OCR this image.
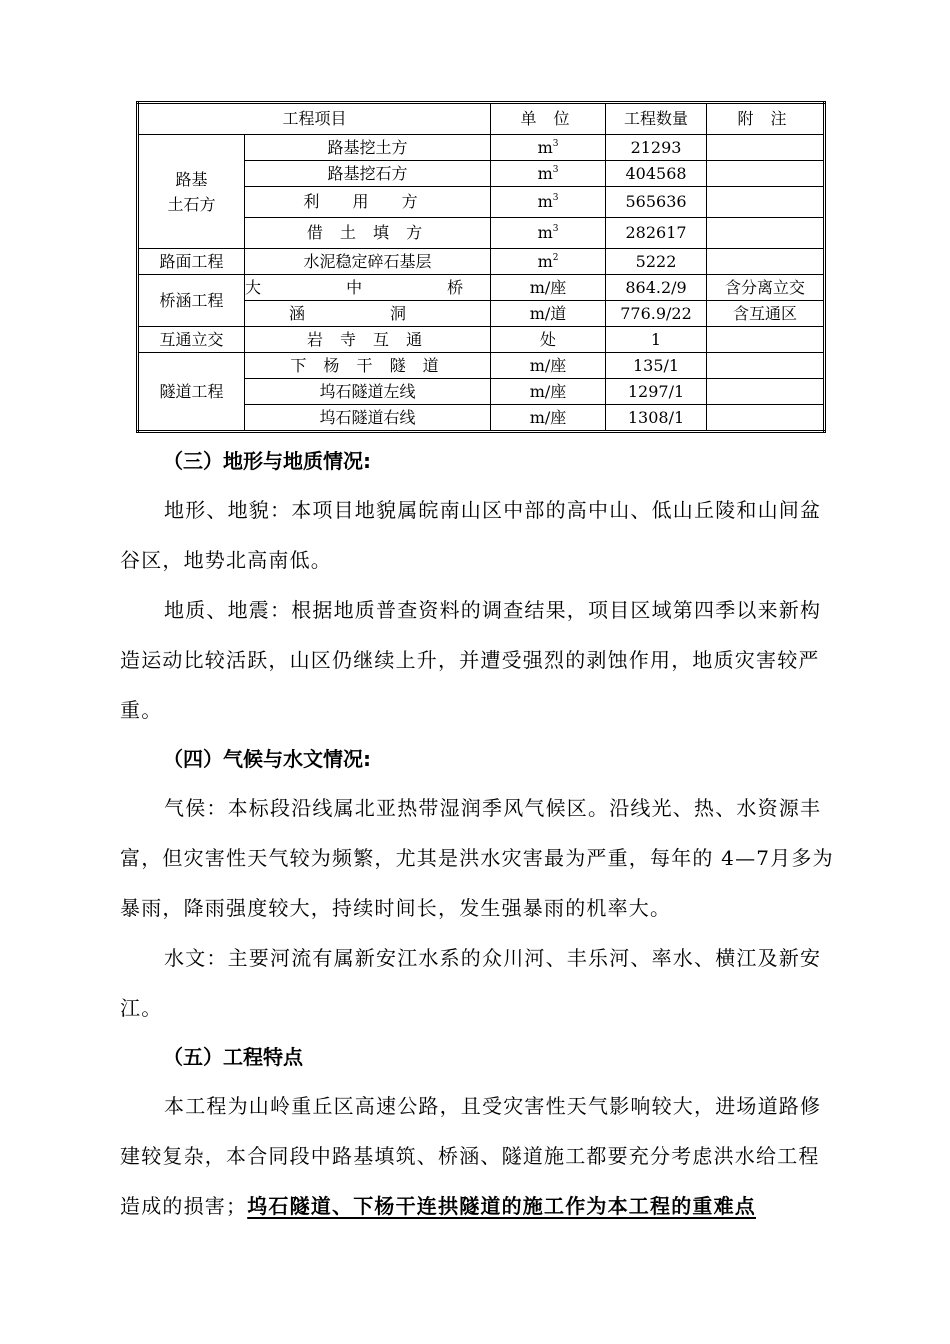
工程项目		单 位	工程数量	附 注
路基
土石方	路基挖土方	$m^3$	21293	
	路基挖石方	$m^3$	404568	
	利 用 方	$m^3$	565636	
	借 土 填 方	$m^3$	282617	
路面工程	水泥稳定碎石基层	$m^2$	5222	
桥涵工程	大 中 桥	m/座	864.2/9	含分离立交
	涵 洞	m/道	776.9/22	含互通区
互通立交	岩 寺 互 通	处	1	
隧道工程	下 杨 干 隧 道	m/座	135/1	
	坞石隧道左线	m/座	1297/1	
	坞石隧道右线	m/座	1308/1	
（三）地形与地质情况:

地形、地貌：本项目地貌属皖南山区中部的高中山、低山丘陵和山间盆谷区，地势北高南低。

地质、地震：根据地质普查资料的调查结果，项目区域第四季以来新构造运动比较活跃，山区仍继续上升，并遭受强烈的剥蚀作用，地质灾害较严重。

（四）气候与水文情况:

气侯：本标段沿线属北亚热带湿润季风气候区。沿线光、热、水资源丰富，但灾害性天气较为频繁，尤其是洪水灾害最为严重，每年的 4—7月多为暴雨，降雨强度较大，持续时间长，发生强暴雨的机率大。

水文：主要河流有属新安江水系的众川河、丰乐河、率水、横江及新安江。

（五）工程特点

本工程为山岭重丘区高速公路，且受灾害性天气影响较大，进场道路修建较复杂，本合同段中路基填筑、桥涵、隧道施工都要充分考虑洪水给工程造成的损害；坞石隧道、下杨干连拱隧道的施工作为本工程的重难点
